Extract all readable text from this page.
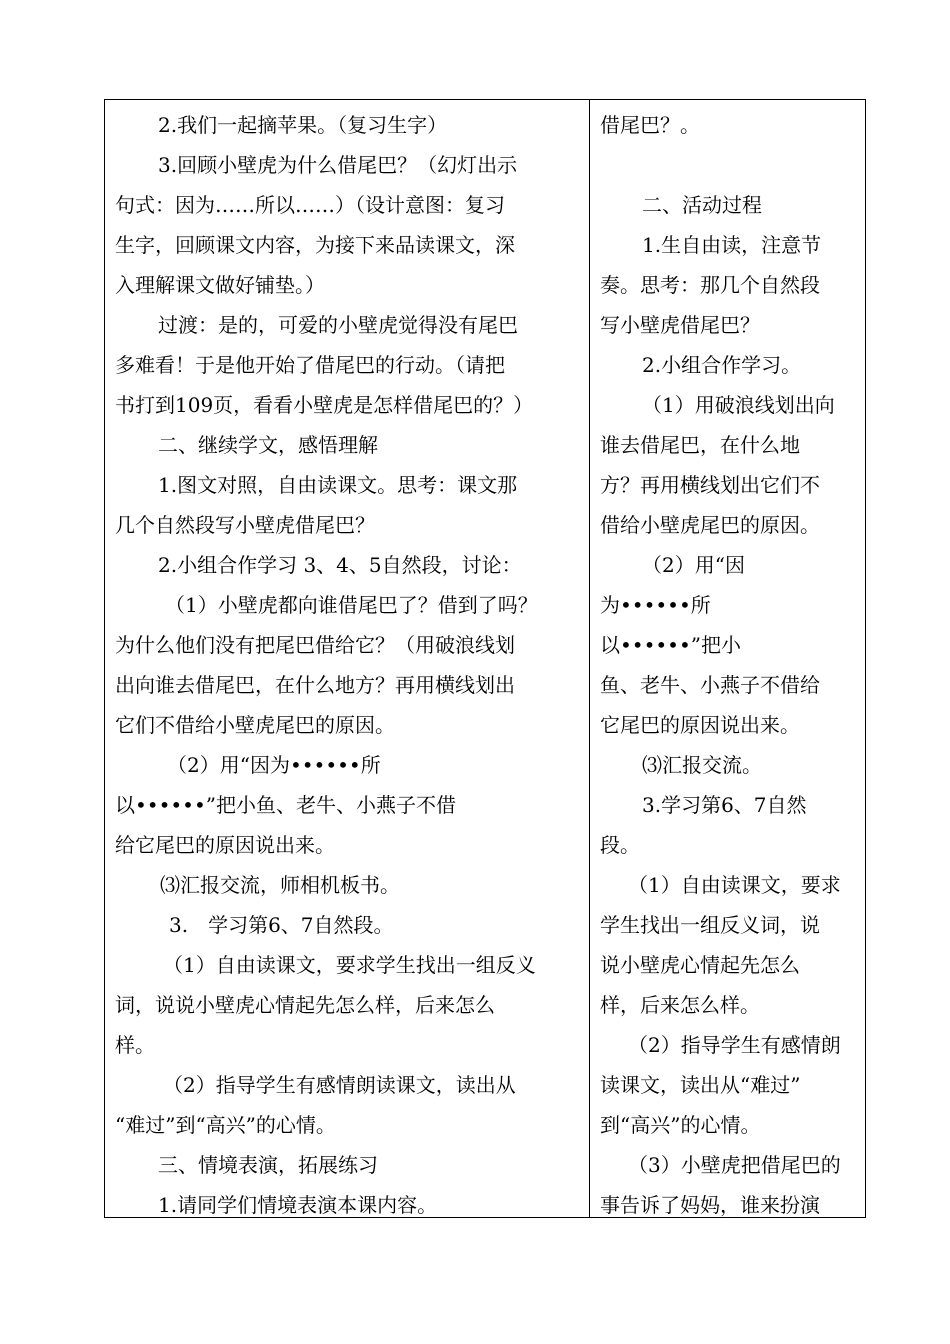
2.我们一起摘苹果。（复习生字）
3.回顾小壁虎为什么借尾巴？（幻灯出示
句式：因为……所以……）（设计意图：复习
生字，回顾课文内容，为接下来品读课文，深
入理解课文做好铺垫。）
过渡：是的，可爱的小壁虎觉得没有尾巴
多难看！于是他开始了借尾巴的行动。（请把
书打到109页，看看小壁虎是怎样借尾巴的？）
二、继续学文，感悟理解
1.图文对照，自由读课文。思考：课文那
几个自然段写小壁虎借尾巴？
2.小组合作学习 3、4、5自然段，讨论：
（1）小壁虎都向谁借尾巴了？借到了吗？
为什么他们没有把尾巴借给它？（用破浪线划
出向谁去借尾巴，在什么地方？再用横线划出
它们不借给小壁虎尾巴的原因。
（2）用“因为••••••所
以••••••”把小鱼、老牛、小燕子不借
给它尾巴的原因说出来。
⑶汇报交流，师相机板书。
3.　学习第6、7自然段。
（1）自由读课文，要求学生找出一组反义
词，说说小壁虎心情起先怎么样，后来怎么
样。
（2）指导学生有感情朗读课文，读出从
“难过”到“高兴”的心情。
三、情境表演，拓展练习
1.请同学们情境表演本课内容。
借尾巴？。
二、活动过程
1.生自由读，注意节
奏。思考：那几个自然段
写小壁虎借尾巴？
2.小组合作学习。
（1）用破浪线划出向
谁去借尾巴，在什么地
方？再用横线划出它们不
借给小壁虎尾巴的原因。
（2）用“因
为••••••所
以••••••”把小
鱼、老牛、小燕子不借给
它尾巴的原因说出来。
⑶汇报交流。
3.学习第6、7自然
段。
（1）自由读课文，要求
学生找出一组反义词，说
说小壁虎心情起先怎么
样，后来怎么样。
（2）指导学生有感情朗
读课文，读出从“难过”
到“高兴”的心情。
（3）小壁虎把借尾巴的
事告诉了妈妈，谁来扮演
